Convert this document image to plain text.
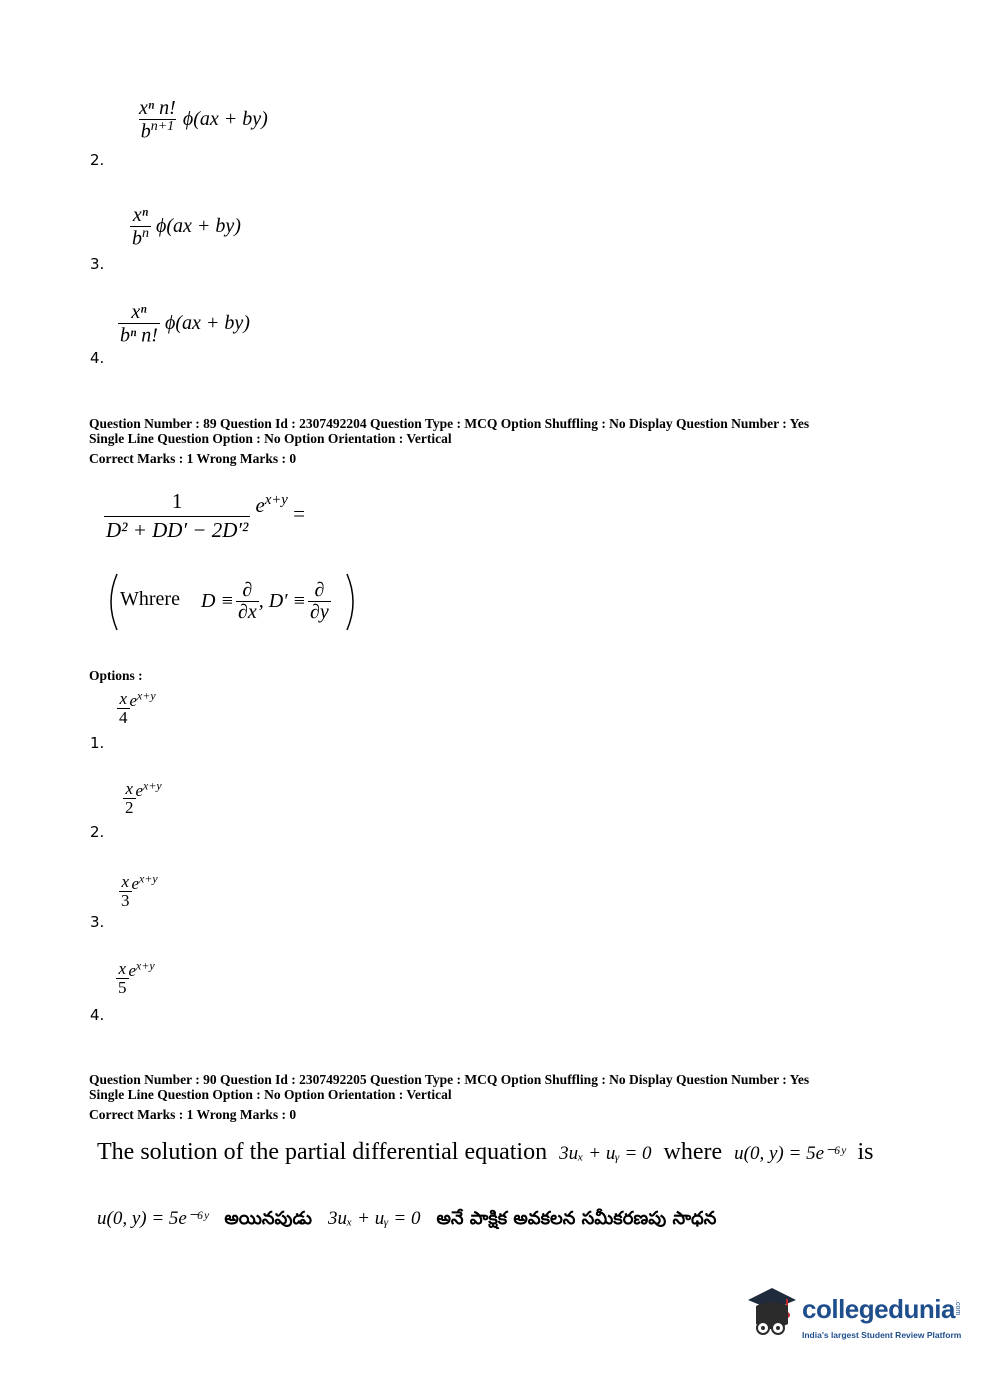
$\frac{\text{xⁿ n!}}{b^{n+1}} \phi(ax + by)$
2.
$\frac{\text{xⁿ}}{b^n} \phi(ax + by)$
3.
$\frac{\text{xⁿ}}{\text{bⁿ n!}} \phi(ax + by)$
4.
Question Number : 89 Question Id : 2307492204 Question Type : MCQ Option Shuffling : No Display Question Number : Yes
Single Line Question Option : No Option Orientation : Vertical
Correct Marks : 1 Wrong Marks : 0
$\frac{1}{\text{D² + DD′ − 2D′²}} e^{x+y}$ =
Whrere $D \equiv \frac{\partial}{\partial x}$ , $D' \equiv \frac{\partial}{\partial y}$
Options :
$\frac{x}{4} e^{x+y}$
1.
$\frac{x}{2} e^{x+y}$
2.
$\frac{x}{3} e^{x+y}$
3.
$\frac{x}{5} e^{x+y}$
4.
Question Number : 90 Question Id : 2307492205 Question Type : MCQ Option Shuffling : No Display Question Number : Yes
Single Line Question Option : No Option Orientation : Vertical
Correct Marks : 1 Wrong Marks : 0
The solution of the partial differential equation 3uₓ + uᵧ = 0 where u(0, y) = 5e⁻⁶ʸ is
u(0, y) = 5e⁻⁶ʸ అయినపుడు 3uₓ + uᵧ = 0 అనే పాక్షిక అవకలన సమీకరణపు సాధన
collegedunia .com
India's largest Student Review Platform
